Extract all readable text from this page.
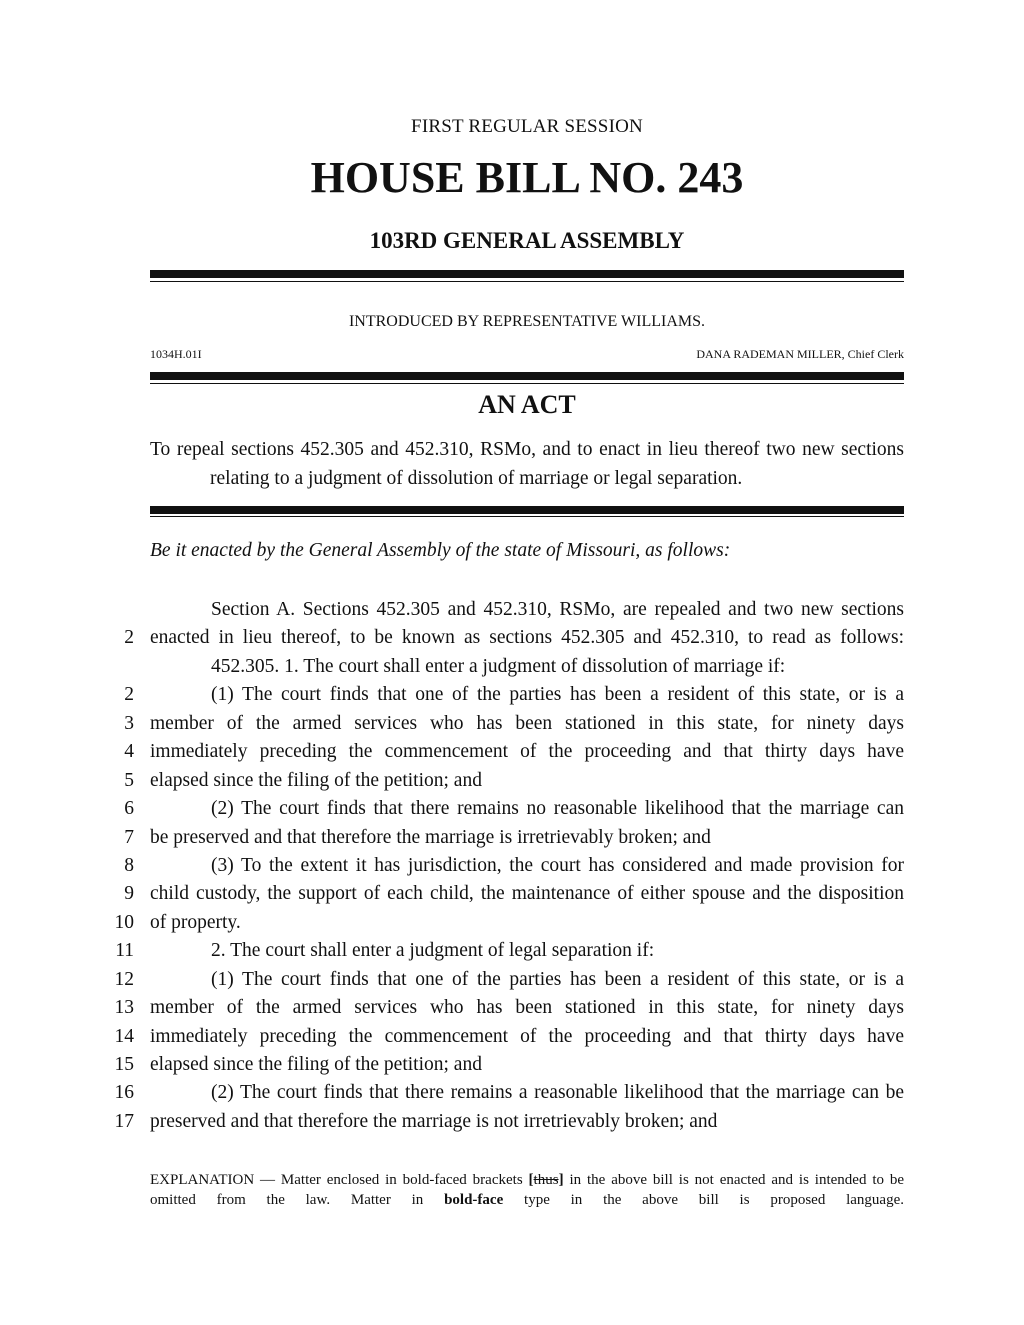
FIRST REGULAR SESSION
HOUSE BILL NO. 243
103RD GENERAL ASSEMBLY
INTRODUCED BY REPRESENTATIVE WILLIAMS.
1034H.01I	DANA RADEMAN MILLER, Chief Clerk
AN ACT
To repeal sections 452.305 and 452.310, RSMo, and to enact in lieu thereof two new sections
relating to a judgment of dissolution of marriage or legal separation.
Be it enacted by the General Assembly of the state of Missouri, as follows:
Section A. Sections 452.305 and 452.310, RSMo, are repealed and two new sections
2 enacted in lieu thereof, to be known as sections 452.305 and 452.310, to read as follows:
452.305. 1. The court shall enter a judgment of dissolution of marriage if:
2	(1) The court finds that one of the parties has been a resident of this state, or is a
3 member of the armed services who has been stationed in this state, for ninety days
4 immediately preceding the commencement of the proceeding and that thirty days have
5 elapsed since the filing of the petition; and
6	(2) The court finds that there remains no reasonable likelihood that the marriage can
7 be preserved and that therefore the marriage is irretrievably broken; and
8	(3) To the extent it has jurisdiction, the court has considered and made provision for
9 child custody, the support of each child, the maintenance of either spouse and the disposition
10 of property.
11	2. The court shall enter a judgment of legal separation if:
12	(1) The court finds that one of the parties has been a resident of this state, or is a
13 member of the armed services who has been stationed in this state, for ninety days
14 immediately preceding the commencement of the proceeding and that thirty days have
15 elapsed since the filing of the petition; and
16	(2) The court finds that there remains a reasonable likelihood that the marriage can be
17 preserved and that therefore the marriage is not irretrievably broken; and
EXPLANATION — Matter enclosed in bold-faced brackets [thus] in the above bill is not enacted and is intended to be omitted from the law. Matter in bold-face type in the above bill is proposed language.
